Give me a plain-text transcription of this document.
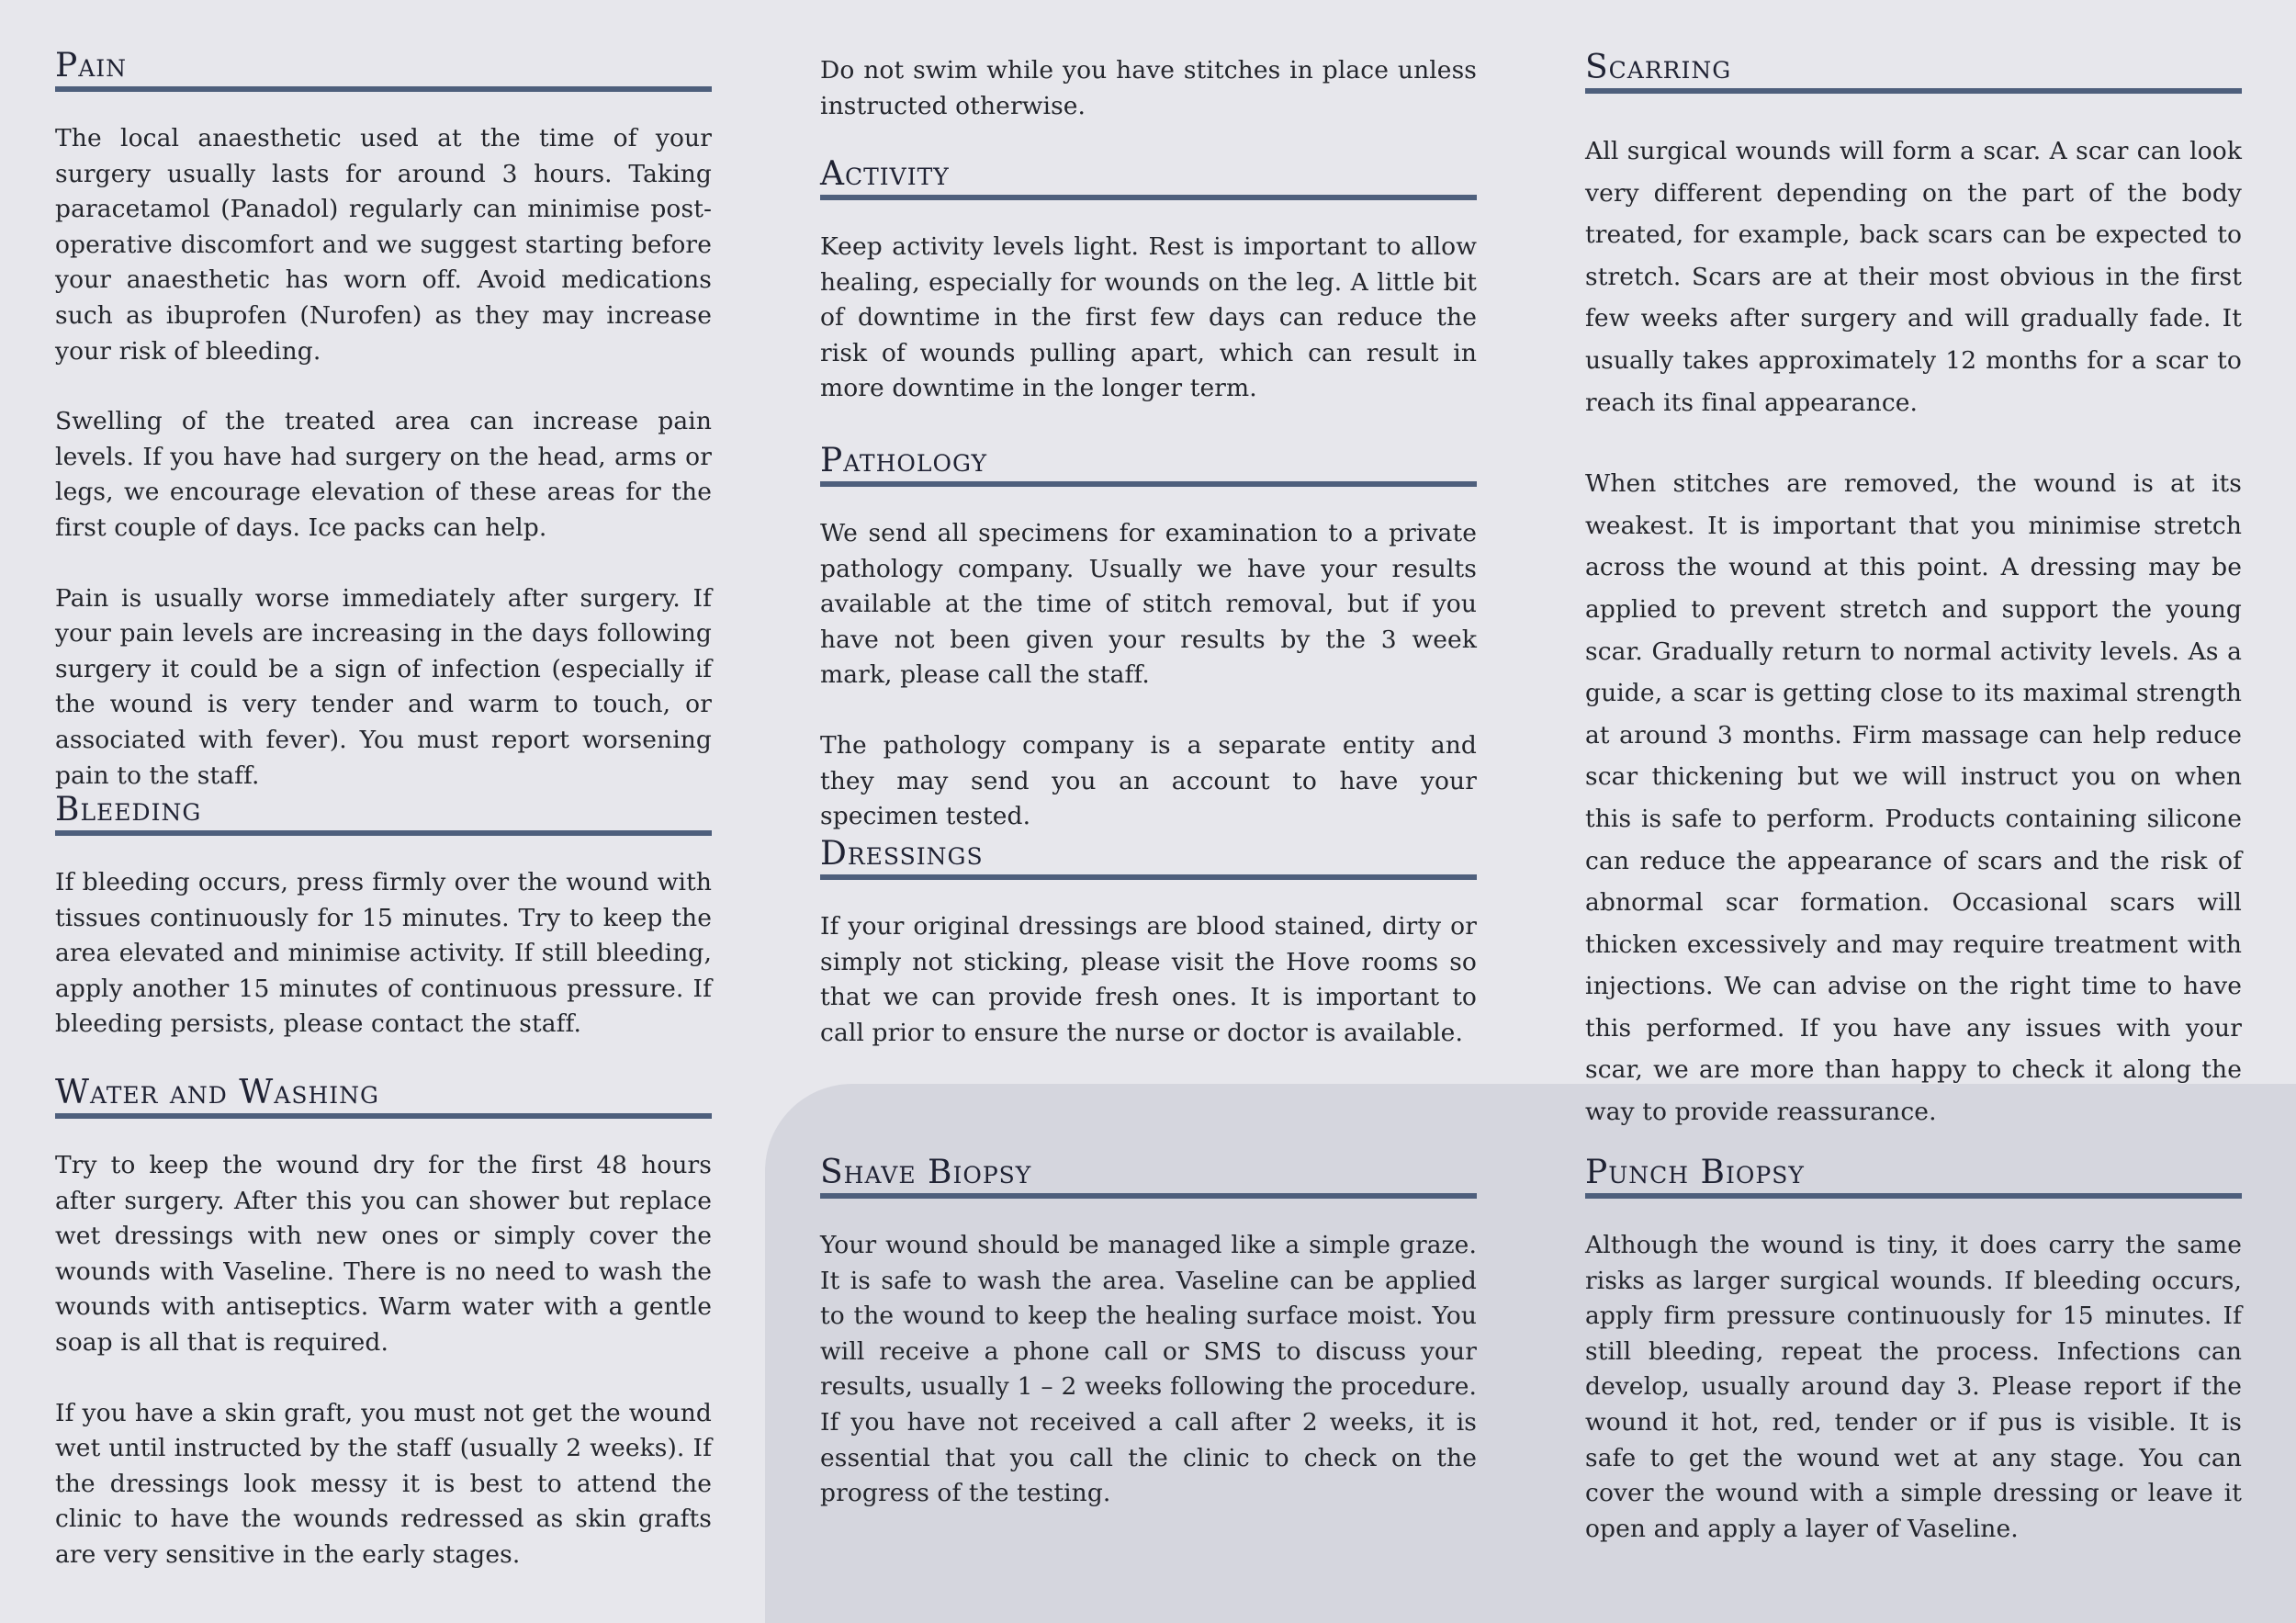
Pain

The local anaesthetic used at the time of your surgery usually lasts for around 3 hours. Taking paracetamol (Panadol) regularly can minimise post-operative discomfort and we suggest starting before your anaesthetic has worn off. Avoid medications such as ibuprofen (Nurofen) as they may increase your risk of bleeding.

Swelling of the treated area can increase pain levels. If you have had surgery on the head, arms or legs, we encourage elevation of these areas for the first couple of days. Ice packs can help.

Pain is usually worse immediately after surgery. If your pain levels are increasing in the days following surgery it could be a sign of infection (especially if the wound is very tender and warm to touch, or associated with fever). You must report worsening pain to the staff.

Bleeding

If bleeding occurs, press firmly over the wound with tissues continuously for 15 minutes. Try to keep the area elevated and minimise activity. If still bleeding, apply another 15 minutes of continuous pressure. If bleeding persists, please contact the staff.

Water and Washing

Try to keep the wound dry for the first 48 hours after surgery. After this you can shower but replace wet dressings with new ones or simply cover the wounds with Vaseline. There is no need to wash the wounds with antiseptics. Warm water with a gentle soap is all that is required.

If you have a skin graft, you must not get the wound wet until instructed by the staff (usually 2 weeks). If the dressings look messy it is best to attend the clinic to have the wounds redressed as skin grafts are very sensitive in the early stages.

Do not swim while you have stitches in place unless instructed otherwise.

Activity

Keep activity levels light. Rest is important to allow healing, especially for wounds on the leg. A little bit of downtime in the first few days can reduce the risk of wounds pulling apart, which can result in more downtime in the longer term.

Pathology

We send all specimens for examination to a private pathology company. Usually we have your results available at the time of stitch removal, but if you have not been given your results by the 3 week mark, please call the staff.

The pathology company is a separate entity and they may send you an account to have your specimen tested.

Dressings

If your original dressings are blood stained, dirty or simply not sticking, please visit the Hove rooms so that we can provide fresh ones. It is important to call prior to ensure the nurse or doctor is available.

Shave Biopsy

Your wound should be managed like a simple graze. It is safe to wash the area. Vaseline can be applied to the wound to keep the healing surface moist. You will receive a phone call or SMS to discuss your results, usually 1 – 2 weeks following the procedure. If you have not received a call after 2 weeks, it is essential that you call the clinic to check on the progress of the testing.

Scarring

All surgical wounds will form a scar. A scar can look very different depending on the part of the body treated, for example, back scars can be expected to stretch. Scars are at their most obvious in the first few weeks after surgery and will gradually fade. It usually takes approximately 12 months for a scar to reach its final appearance.

When stitches are removed, the wound is at its weakest. It is important that you minimise stretch across the wound at this point. A dressing may be applied to prevent stretch and support the young scar. Gradually return to normal activity levels. As a guide, a scar is getting close to its maximal strength at around 3 months. Firm massage can help reduce scar thickening but we will instruct you on when this is safe to perform. Products containing silicone can reduce the appearance of scars and the risk of abnormal scar formation. Occasional scars will thicken excessively and may require treatment with injections. We can advise on the right time to have this performed. If you have any issues with your scar, we are more than happy to check it along the way to provide reassurance.

Punch Biopsy

Although the wound is tiny, it does carry the same risks as larger surgical wounds. If bleeding occurs, apply firm pressure continuously for 15 minutes. If still bleeding, repeat the process. Infections can develop, usually around day 3. Please report if the wound it hot, red, tender or if pus is visible. It is safe to get the wound wet at any stage. You can cover the wound with a simple dressing or leave it open and apply a layer of Vaseline.
